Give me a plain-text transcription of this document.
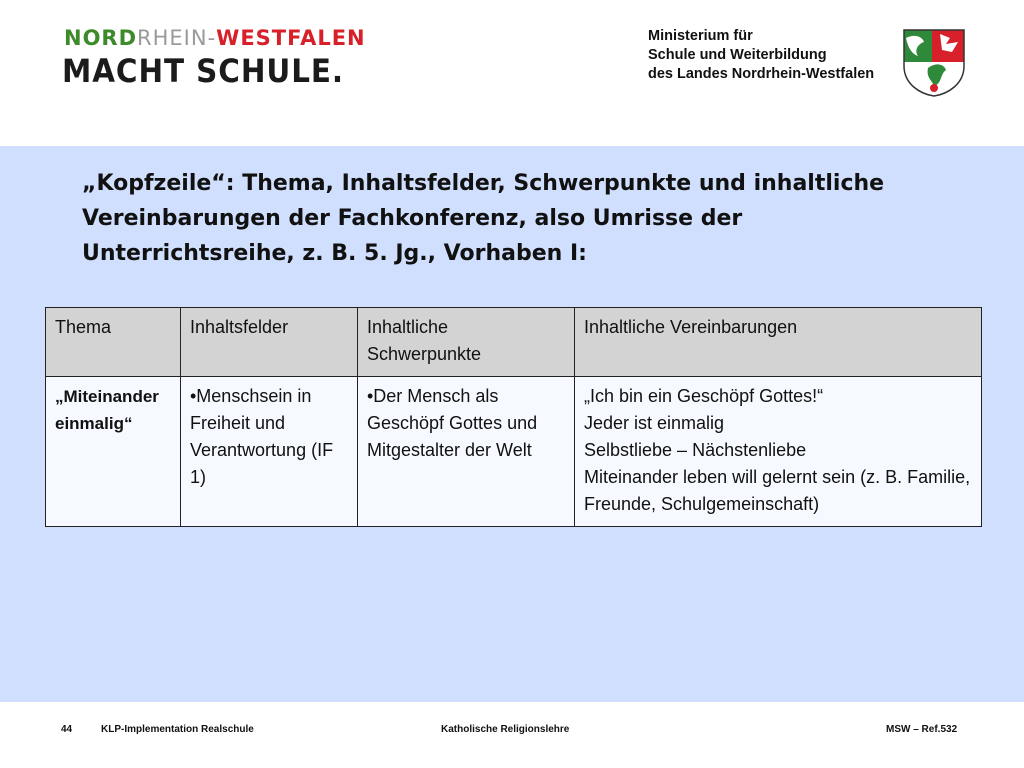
NORDRHEIN-WESTFALEN
MACHT SCHULE.
Ministerium für
Schule und Weiterbildung
des Landes Nordrhein-Westfalen
„Kopfzeile“: Thema, Inhaltsfelder, Schwerpunkte und inhaltliche Vereinbarungen der Fachkonferenz, also Umrisse der Unterrichtsreihe, z. B. 5. Jg., Vorhaben I:
Thema	Inhaltsfelder	Inhaltliche Schwerpunkte	Inhaltliche Vereinbarungen
„Miteinander einmalig“	•Menschsein in Freiheit und Verantwortung (IF 1)	•Der Mensch als Geschöpf Gottes und Mitgestalter der Welt	„Ich bin ein Geschöpf Gottes!“
Jeder ist einmalig
Selbstliebe – Nächstenliebe
Miteinander leben will gelernt sein (z. B. Familie, Freunde, Schulgemeinschaft)
44	KLP-Implementation Realschule	Katholische Religionslehre	MSW – Ref.532
